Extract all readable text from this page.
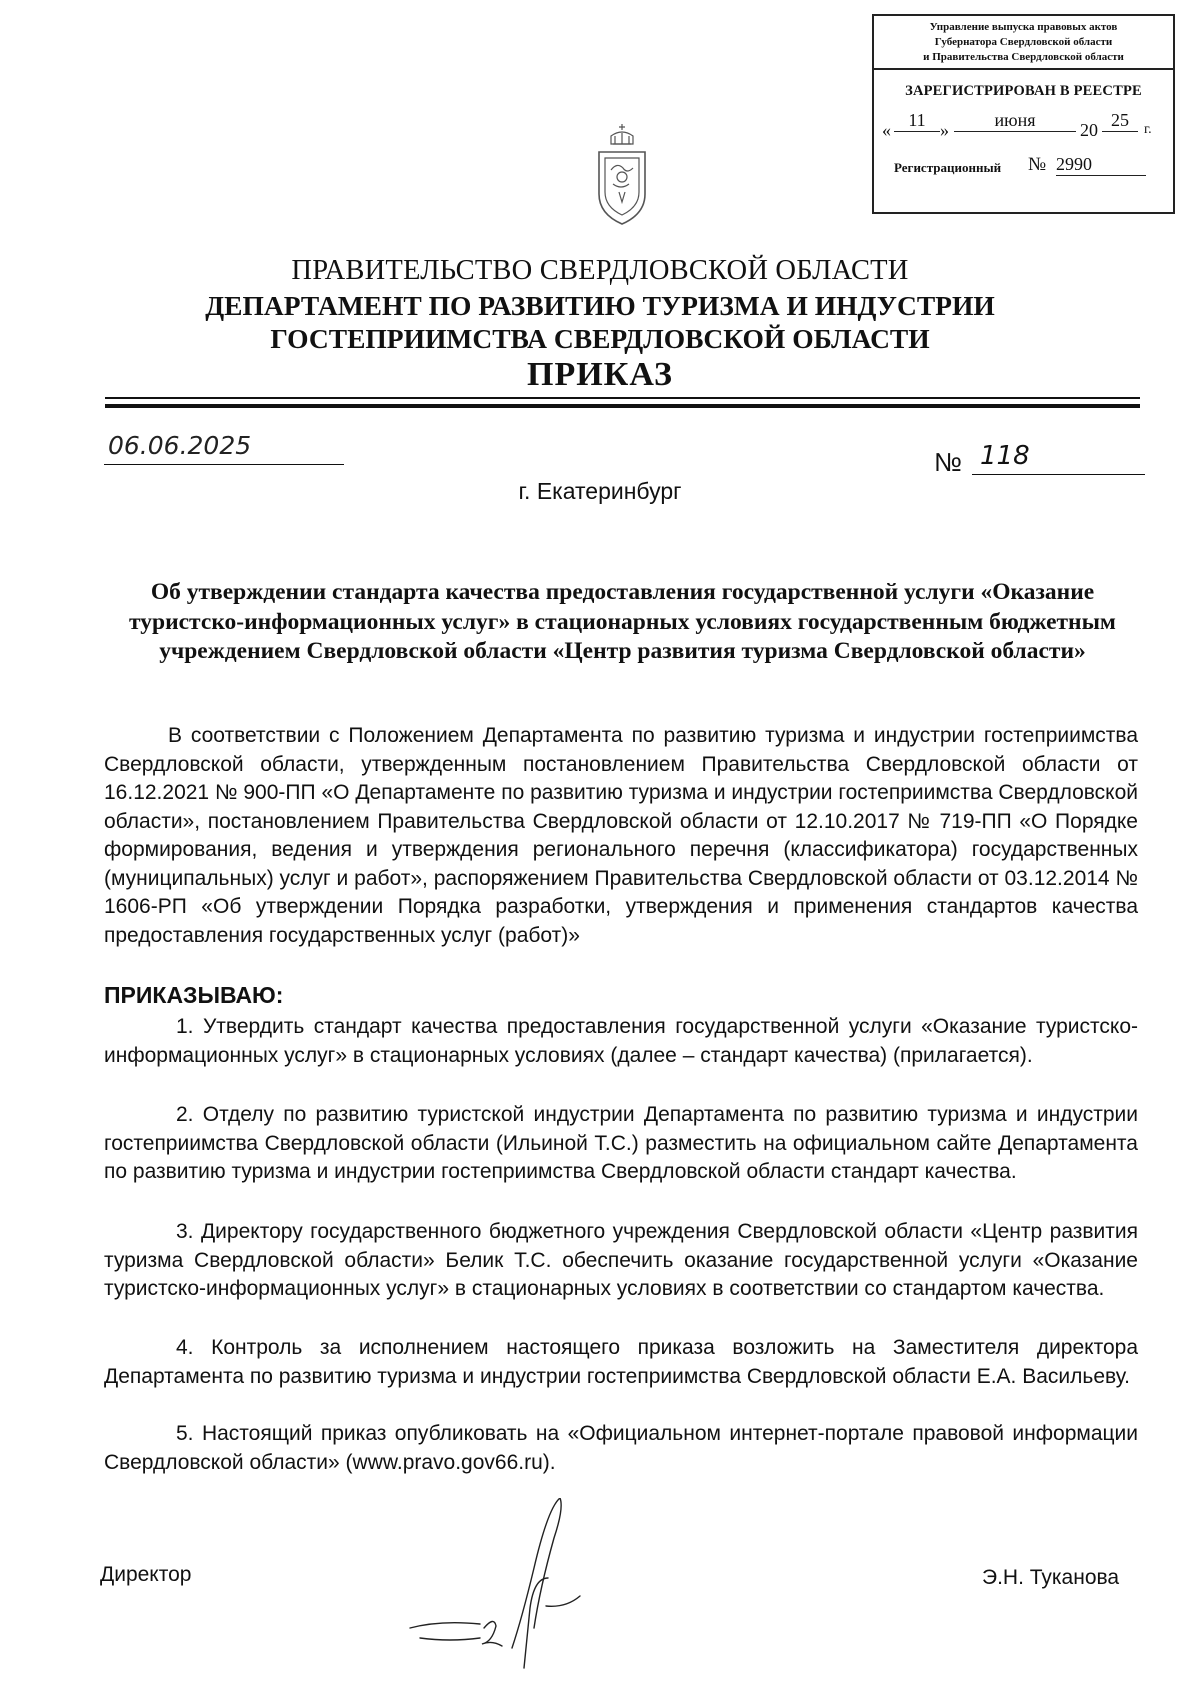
Управление выпуска правовых актов
Губернатора Свердловской области
и Правительства Свердловской области
ЗАРЕГИСТРИРОВАН В РЕЕСТРЕ
« 11 »	июня	20 25	г.
Регистрационный № 2990
ПРАВИТЕЛЬСТВО СВЕРДЛОВСКОЙ ОБЛАСТИ
ДЕПАРТАМЕНТ ПО РАЗВИТИЮ ТУРИЗМА И ИНДУСТРИИ
ГОСТЕПРИИМСТВА СВЕРДЛОВСКОЙ ОБЛАСТИ
ПРИКАЗ
06.06.2025
№ 118
г. Екатеринбург
Об утверждении стандарта качества предоставления государственной услуги «Оказание туристско-информационных услуг» в стационарных условиях государственным бюджетным учреждением Свердловской области «Центр развития туризма Свердловской области»
В соответствии с Положением Департамента по развитию туризма и индустрии гостеприимства Свердловской области, утвержденным постановлением Правительства Свердловской области от 16.12.2021 № 900-ПП «О Департаменте по развитию туризма и индустрии гостеприимства Свердловской области», постановлением Правительства Свердловской области от 12.10.2017 № 719-ПП «О Порядке формирования, ведения и утверждения регионального перечня (классификатора) государственных (муниципальных) услуг и работ», распоряжением Правительства Свердловской области от 03.12.2014 № 1606-РП «Об утверждении Порядка разработки, утверждения и применения стандартов качества предоставления государственных услуг (работ)»
ПРИКАЗЫВАЮ:
1. Утвердить стандарт качества предоставления государственной услуги «Оказание туристско-информационных услуг» в стационарных условиях (далее – стандарт качества) (прилагается).
2. Отделу по развитию туристской индустрии Департамента по развитию туризма и индустрии гостеприимства Свердловской области (Ильиной Т.С.) разместить на официальном сайте Департамента по развитию туризма и индустрии гостеприимства Свердловской области стандарт качества.
3. Директору государственного бюджетного учреждения Свердловской области «Центр развития туризма Свердловской области» Белик Т.С. обеспечить оказание государственной услуги «Оказание туристско-информационных услуг» в стационарных условиях в соответствии со стандартом качества.
4. Контроль за исполнением настоящего приказа возложить на Заместителя директора Департамента по развитию туризма и индустрии гостеприимства Свердловской области Е.А. Васильеву.
5. Настоящий приказ опубликовать на «Официальном интернет-портале правовой информации Свердловской области» (www.pravo.gov66.ru).
Директор	Э.Н. Туканова
